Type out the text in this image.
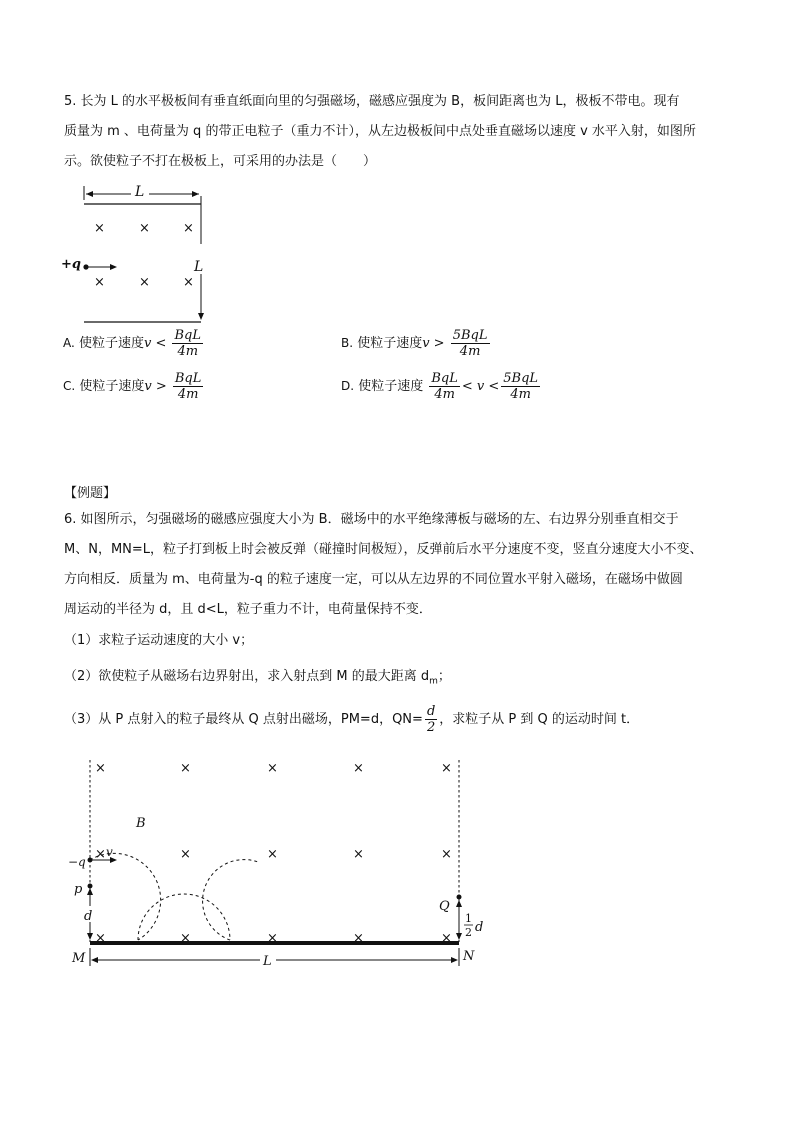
5. 长为 L 的水平极板间有垂直纸面向里的匀强磁场，磁感应强度为 B，板间距离也为 L，极板不带电。现有
质量为 m 、电荷量为 q 的带正电粒子（重力不计），从左边极板间中点处垂直磁场以速度 v 水平入射，如图所
示。欲使粒子不打在极板上，可采用的办法是（　　）
L
L
×	×	×
×	×	×
+q
A. 使粒子速度$v < \frac{\text{BqL}}{4m}$	B. 使粒子速度$v > \frac{\text{5BqL}}{4m}$
C. 使粒子速度$v > \frac{\text{BqL}}{4m}$	D. 使粒子速度 $\frac{\text{BqL}}{4m} < v < \frac{\text{5BqL}}{4m}$
【例题】
6. 如图所示，匀强磁场的磁感应强度大小为 B．磁场中的水平绝缘薄板与磁场的左、右边界分别垂直相交于
M、N，MN=L，粒子打到板上时会被反弹（碰撞时间极短），反弹前后水平分速度不变，竖直分速度大小不变、
方向相反．质量为 m、电荷量为-q 的粒子速度一定，可以从左边界的不同位置水平射入磁场，在磁场中做圆
周运动的半径为 d，且 d<L，粒子重力不计，电荷量保持不变．
（1）求粒子运动速度的大小 v；
（2）欲使粒子从磁场右边界射出，求入射点到 M 的最大距离 $d_m$；
（3）从 P 点射入的粒子最终从 Q 点射出磁场，PM=d，$QN= \frac{d}{2}$ ，求粒子从 P 到 Q 的运动时间 t．
×	×	×	×	×
×	×	×	×	×
×	×	×	×	×
B
−q
v
p
d
Q
1
2 d
M	N
L
